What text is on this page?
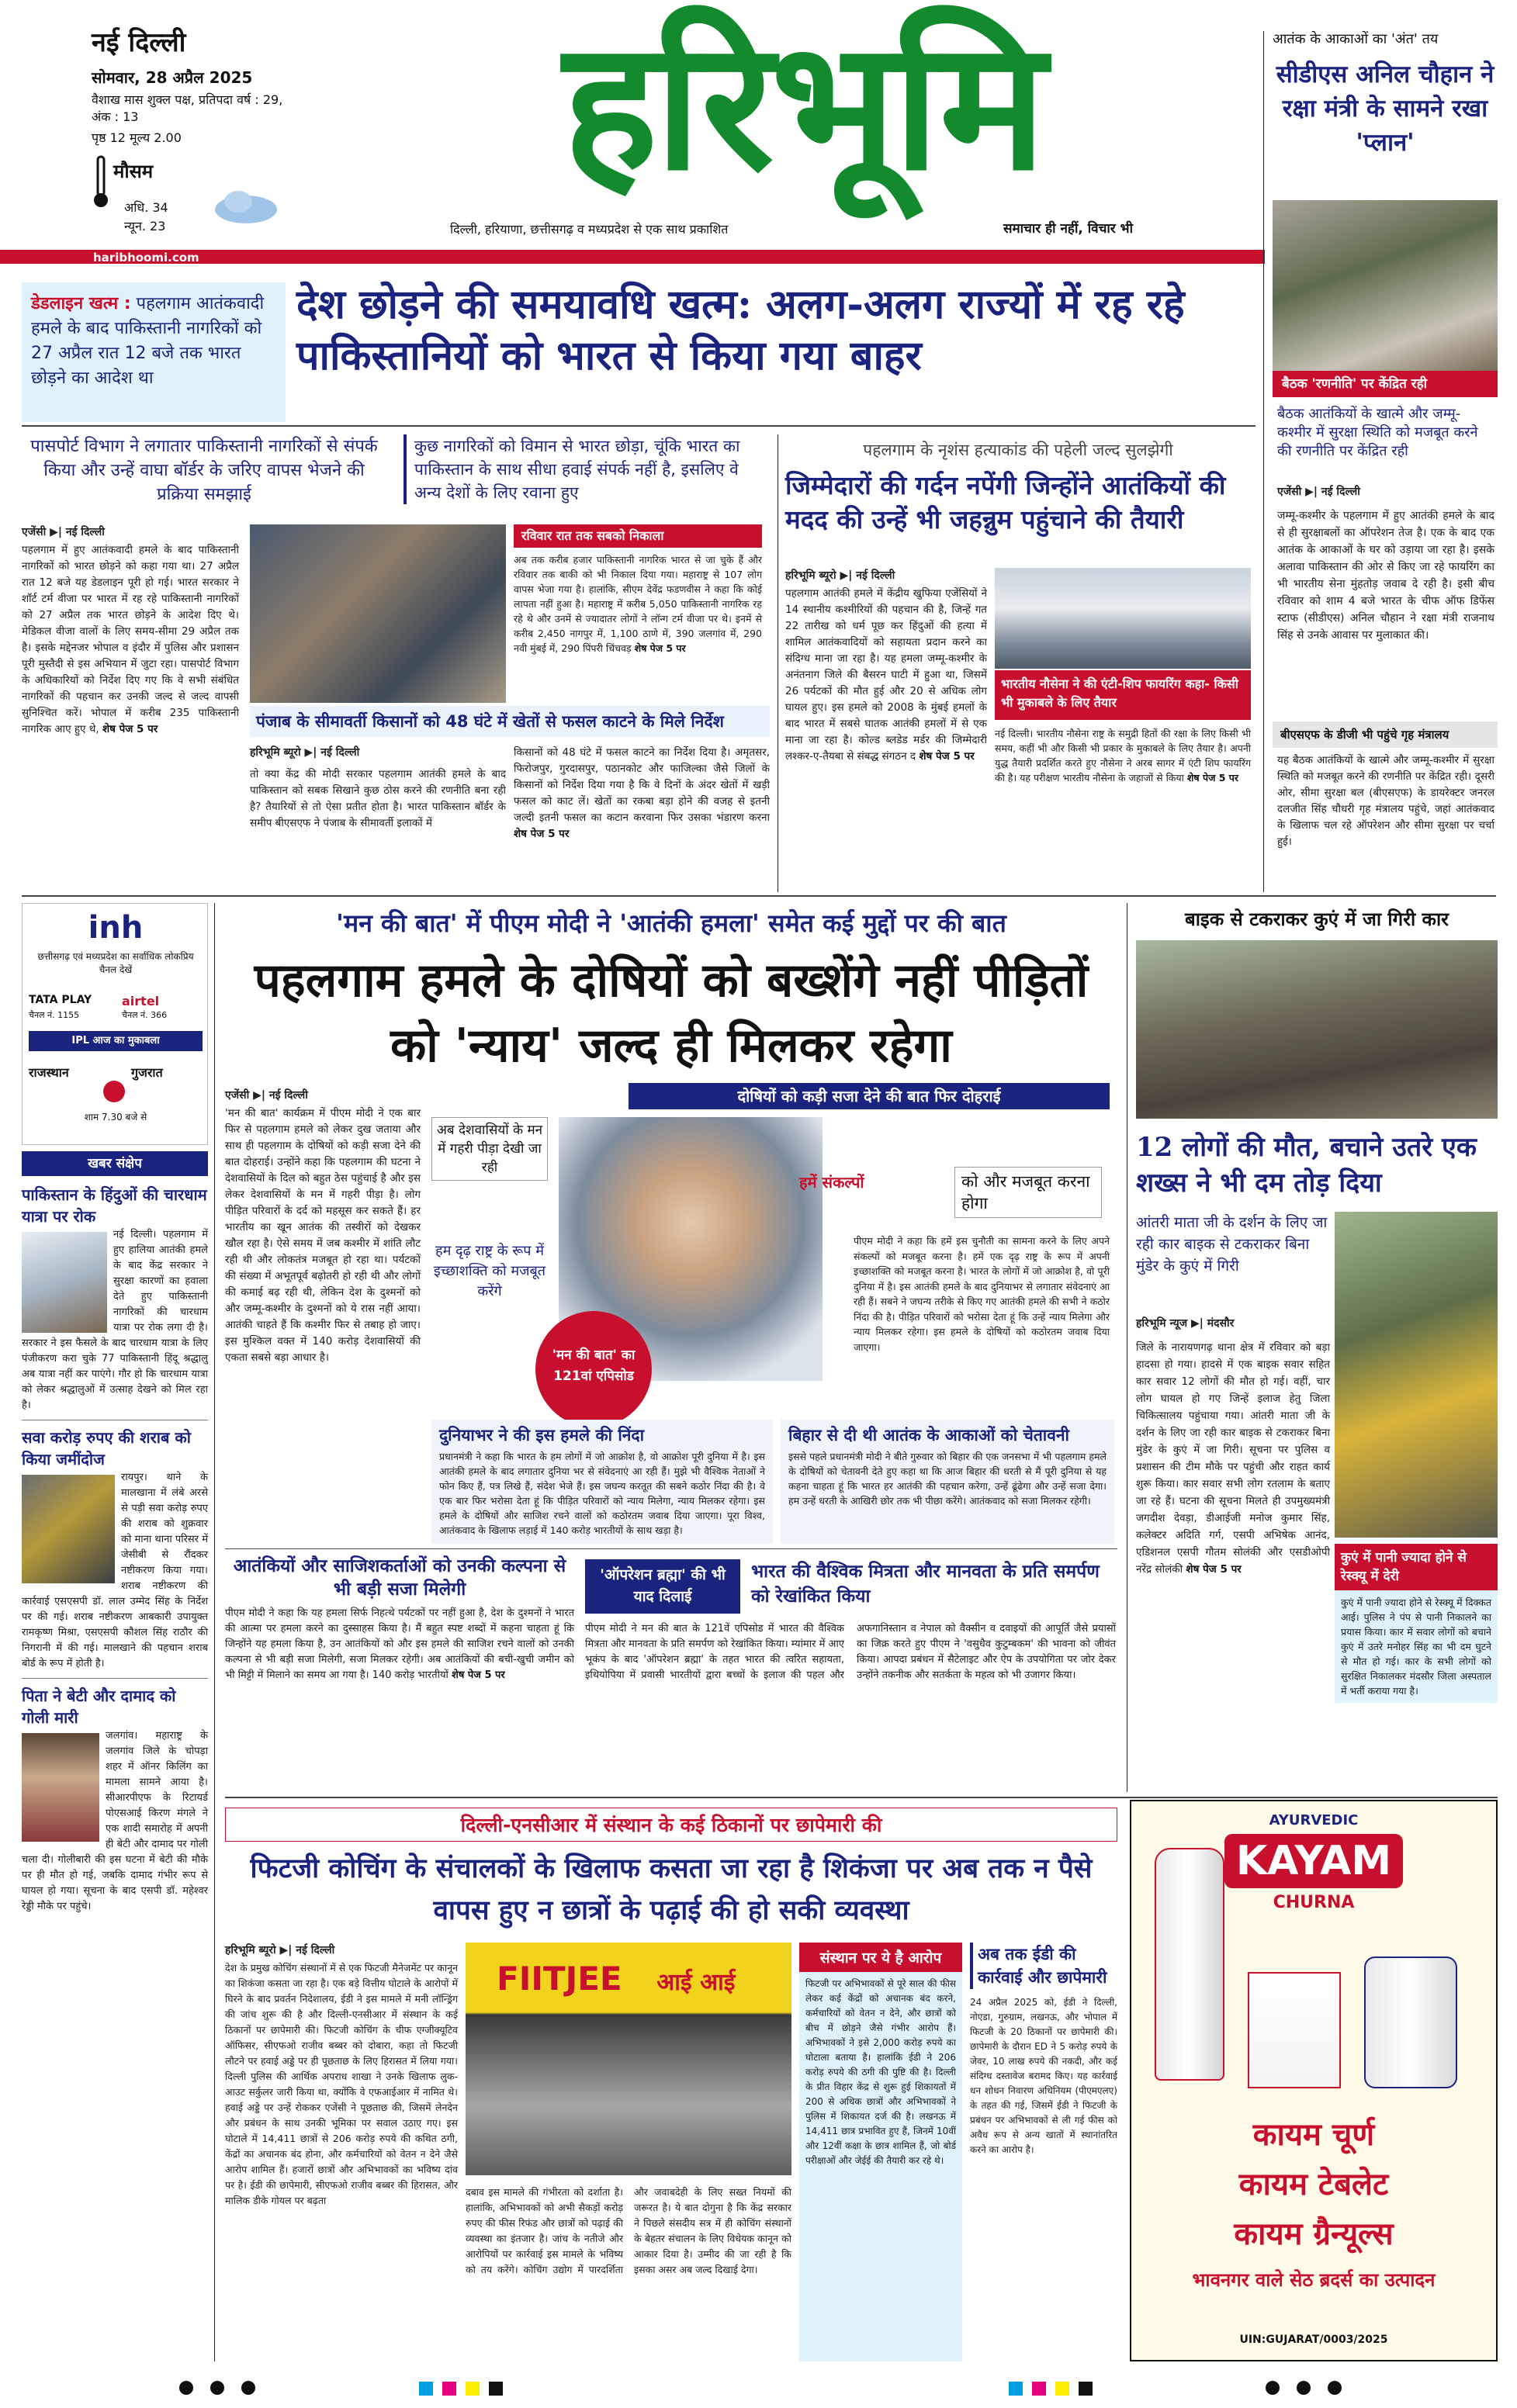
नई दिल्ली
सोमवार, 28 अप्रैल 2025
वैशाख मास शुक्ल पक्ष, प्रतिपदा वर्ष : 29, अंक : 13
पृष्ठ 12 मूल्य 2.00
मौसम
अधि. 34
न्यून. 23
हरिभूमि
दिल्ली, हरियाणा, छत्तीसगढ़ व मध्यप्रदेश से एक साथ प्रकाशित	समाचार ही नहीं, विचार भी
haribhoomi.com
आतंक के आकाओं का 'अंत' तय
सीडीएस अनिल चौहान ने रक्षा मंत्री के सामने रखा 'प्लान'
बैठक 'रणनीति' पर केंद्रित रही
बैठक आतंकियों के खात्मे और जम्मू-कश्मीर में सुरक्षा स्थिति को मजबूत करने की रणनीति पर केंद्रित रही
एजेंसी ▶| नई दिल्ली
जम्मू-कश्मीर के पहलगाम में हुए आतंकी हमले के बाद से ही सुरक्षाबलों का ऑपरेशन तेज है। एक के बाद एक आतंक के आकाओं के घर को उड़ाया जा रहा है। इसके अलावा पाकिस्तान की ओर से किए जा रहे फायरिंग का भी भारतीय सेना मुंहतोड़ जवाब दे रही है। इसी बीच रविवार को शाम 4 बजे भारत के चीफ ऑफ डिफेंस स्टाफ (सीडीएस) अनिल चौहान ने रक्षा मंत्री राजनाथ सिंह से उनके आवास पर मुलाकात की।
बीएसएफ के डीजी भी पहुंचे गृह मंत्रालय
यह बैठक आतंकियों के खात्मे और जम्मू-कश्मीर में सुरक्षा स्थिति को मजबूत करने की रणनीति पर केंद्रित रही। दूसरी ओर, सीमा सुरक्षा बल (बीएसएफ) के डायरेक्टर जनरल दलजीत सिंह चौधरी गृह मंत्रालय पहुंचे, जहां आतंकवाद के खिलाफ चल रहे ऑपरेशन और सीमा सुरक्षा पर चर्चा हुई।
डेडलाइन खत्म : पहलगाम आतंकवादी हमले के बाद पाकिस्तानी नागरिकों को 27 अप्रैल रात 12 बजे तक भारत छोड़ने का आदेश था
देश छोड़ने की समयावधि खत्म: अलग-अलग राज्यों में रह रहे पाकिस्तानियों को भारत से किया गया बाहर
पासपोर्ट विभाग ने लगातार पाकिस्तानी नागरिकों से संपर्क किया और उन्हें वाघा बॉर्डर के जरिए वापस भेजने की प्रक्रिया समझाई
कुछ नागरिकों को विमान से भारत छोड़ा, चूंकि भारत का पाकिस्तान के साथ सीधा हवाई संपर्क नहीं है, इसलिए वे अन्य देशों के लिए रवाना हुए
एजेंसी ▶| नई दिल्ली

पहलगाम में हुए आतंकवादी हमले के बाद पाकिस्तानी नागरिकों को भारत छोड़ने को कहा गया था। 27 अप्रैल रात 12 बजे यह डेडलाइन पूरी हो गई। भारत सरकार ने शॉर्ट टर्म वीजा पर भारत में रह रहे पाकिस्तानी नागरिकों को 27 अप्रैल तक भारत छोड़ने के आदेश दिए थे। मेडिकल वीजा वालों के लिए समय-सीमा 29 अप्रैल तक है। इसके मद्देनजर भोपाल व इंदौर में पुलिस और प्रशासन पूरी मुस्तैदी से इस अभियान में जुटा रहा। पासपोर्ट विभाग के अधिकारियों को निर्देश दिए गए कि वे सभी संबंधित नागरिकों की पहचान कर उनकी जल्द से जल्द वापसी सुनिश्चित करें। भोपाल में करीब 235 पाकिस्तानी नागरिक आए हुए थे, शेष पेज 5 पर

रविवार रात तक सबको निकाला
अब तक करीब हजार पाकिस्तानी नागरिक भारत से जा चुके हैं और रविवार तक बाकी को भी निकाल दिया गया। महाराष्ट्र से 107 लोग वापस भेजा गया है। हालांकि, सीएम देवेंद्र फडणवीस ने कहा कि कोई लापता नहीं हुआ है। महाराष्ट्र में करीब 5,050 पाकिस्तानी नागरिक रह रहे थे और उनमें से ज्यादातर लोगों ने लॉन्ग टर्म वीजा पर थे। इनमें से करीब 2,450 नागपुर में, 1,100 ठाणे में, 390 जलगांव में, 290 नवी मुंबई में, 290 पिंपरी चिंचवड़ शेष पेज 5 पर
पंजाब के सीमावर्ती किसानों को 48 घंटे में खेतों से फसल काटने के मिले निर्देश
हरिभूमि ब्यूरो ▶| नई दिल्ली
तो क्या केंद्र की मोदी सरकार पहलगाम आतंकी हमले के बाद पाकिस्तान को सबक सिखाने कुछ ठोस करने की रणनीति बना रही है? तैयारियों से तो ऐसा प्रतीत होता है। भारत पाकिस्तान बॉर्डर के समीप बीएसएफ ने पंजाब के सीमावर्ती इलाकों में
किसानों को 48 घंटे में फसल काटने का निर्देश दिया है। अमृतसर, फिरोजपुर, गुरदासपुर, पठानकोट और फाजिल्का जैसे जिलों के किसानों को निर्देश दिया गया है कि वे दिनों के अंदर खेतों में खड़ी फसल को काट लें। खेतों का रकबा बड़ा होने की वजह से इतनी जल्दी इतनी फसल का कटान करवाना फिर उसका भंडारण करना शेष पेज 5 पर
पहलगाम के नृशंस हत्याकांड की पहेली जल्द सुलझेगी
जिम्मेदारों की गर्दन नपेंगी जिन्होंने आतंकियों की मदद की उन्हें भी जहन्नुम पहुंचाने की तैयारी
हरिभूमि ब्यूरो ▶| नई दिल्ली

पहलगाम आतंकी हमले में केंद्रीय खुफिया एजेंसियों ने 14 स्थानीय कश्मीरियों की पहचान की है, जिन्हें गत 22 तारीख को धर्म पूछ कर हिंदुओं की हत्या में शामिल आतंकवादियों को सहायता प्रदान करने का संदिग्ध माना जा रहा है। यह हमला जम्मू-कश्मीर के अनंतनाग जिले की बैसरन घाटी में हुआ था, जिसमें 26 पर्यटकों की मौत हुई और 20 से अधिक लोग घायल हुए। इस हमले को 2008 के मुंबई हमलों के बाद भारत में सबसे घातक आतंकी हमलों में से एक माना जा रहा है। कोल्ड ब्लडेड मर्डर की जिम्मेदारी लश्कर-ए-तैयबा से संबद्ध संगठन द शेष पेज 5 पर

भारतीय नौसेना ने की एंटी-शिप फायरिंग कहा- किसी भी मुकाबले के लिए तैयार
नई दिल्ली। भारतीय नौसेना राष्ट्र के समुद्री हितों की रक्षा के लिए किसी भी समय, कहीं भी और किसी भी प्रकार के मुकाबले के लिए तैयार है। अपनी युद्ध तैयारी प्रदर्शित करते हुए नौसेना ने अरब सागर में एंटी शिप फायरिंग की है। यह परीक्षण भारतीय नौसेना के जहाजों से किया शेष पेज 5 पर
inh
छत्तीसगढ़ एवं मध्यप्रदेश का सर्वाधिक लोकप्रिय चैनल देखें
TATA PLAY
चैनल नं. 1155
airtel
चैनल नं. 366
IPL आज का मुकाबला
राजस्थान	गुजरात
शाम 7.30 बजे से
खबर संक्षेप
पाकिस्तान के हिंदुओं की चारधाम यात्रा पर रोक

नई दिल्ली। पहलगाम में हुए हालिया आतंकी हमले के बाद केंद्र सरकार ने सुरक्षा कारणों का हवाला देते हुए पाकिस्तानी नागरिकों की चारधाम यात्रा पर रोक लगा दी है। सरकार ने इस फैसले के बाद चारधाम यात्रा के लिए पंजीकरण करा चुके 77 पाकिस्तानी हिंदू श्रद्धालु अब यात्रा नहीं कर पाएंगे। गौर हो कि चारधाम यात्रा को लेकर श्रद्धालुओं में उत्साह देखने को मिल रहा है।

सवा करोड़ रुपए की शराब को किया जमींदोज

रायपुर। थाने के मालखाना में लंबे अरसे से पड़ी सवा करोड़ रुपए की शराब को शुक्रवार को माना थाना परिसर में जेसीबी से रौंदकर नष्टीकरण किया गया। शराब नष्टीकरण की कार्रवाई एसएसपी डॉ. लाल उम्मेद सिंह के निर्देश पर की गई। शराब नष्टीकरण आबकारी उपायुक्त रामकृष्ण मिश्रा, एसएसपी कौशल सिंह राठौर की निगरानी में की गई। मालखाने की पहचान शराब बोर्ड के रूप में होती है।

पिता ने बेटी और दामाद को गोली मारी

जलगांव। महाराष्ट्र के जलगांव जिले के चोपड़ा शहर में ऑनर किलिंग का मामला सामने आया है। सीआरपीएफ के रिटायर्ड पोएसआई किरण मंगले ने एक शादी समारोह में अपनी ही बेटी और दामाद पर गोली चला दी। गोलीबारी की इस घटना में बेटी की मौके पर ही मौत हो गई, जबकि दामाद गंभीर रूप से घायल हो गया। सूचना के बाद एसपी डॉ. महेश्वर रेड्डी मौके पर पहुंचे।

'मन की बात' में पीएम मोदी ने 'आतंकी हमला' समेत कई मुद्दों पर की बात
पहलगाम हमले के दोषियों को बख्शेंगे नहीं पीड़ितों को 'न्याय' जल्द ही मिलकर रहेगा
दोषियों को कड़ी सजा देने की बात फिर दोहराई
एजेंसी ▶| नई दिल्ली

'मन की बात' कार्यक्रम में पीएम मोदी ने एक बार फिर से पहलगाम हमले को लेकर दुख जताया और साथ ही पहलगाम के दोषियों को कड़ी सजा देने की बात दोहराई। उन्होंने कहा कि पहलगाम की घटना ने देशवासियों के दिल को बहुत ठेस पहुंचाई है और इस लेकर देशवासियों के मन में गहरी पीड़ा है। लोग पीड़ित परिवारों के दर्द को महसूस कर सकते हैं। हर भारतीय का खून आतंक की तस्वीरों को देखकर खौल रहा है। ऐसे समय में जब कश्मीर में शांति लौट रही थी और लोकतंत्र मजबूत हो रहा था। पर्यटकों की संख्या में अभूतपूर्व बढ़ोतरी हो रही थी और लोगों की कमाई बढ़ रही थी, लेकिन देश के दुश्मनों को और जम्मू-कश्मीर के दुश्मनों को ये रास नहीं आया। आतंकी चाहते हैं कि कश्मीर फिर से तबाह हो जाए। इस मुश्किल वक्त में 140 करोड़ देशवासियों की एकता सबसे बड़ा आधार है।

अब देशवासियों के मन में गहरी पीड़ा देखी जा रही
हम दृढ़ राष्ट्र के रूप में इच्छाशक्ति को मजबूत करेंगे
'मन की बात' का
121वां एपिसोड
हमें संकल्पों	को और मजबूत करना होगा
पीएम मोदी ने कहा कि हमें इस चुनौती का सामना करने के लिए अपने संकल्पों को मजबूत करना है। हमें एक दृढ़ राष्ट्र के रूप में अपनी इच्छाशक्ति को मजबूत करना है। भारत के लोगों में जो आक्रोश है, वो पूरी दुनिया में है। इस आतंकी हमले के बाद दुनियाभर से लगातार संवेदनाएं आ रही हैं। सबने ने जघन्य तरीके से किए गए आतंकी हमले की सभी ने कठोर निंदा की है। पीड़ित परिवारों को भरोसा देता हूं कि उन्हें न्याय मिलेगा और न्याय मिलकर रहेगा। इस हमले के दोषियों को कठोरतम जवाब दिया जाएगा।
दुनियाभर ने की इस हमले की निंदा

प्रधानमंत्री ने कहा कि भारत के हम लोगों में जो आक्रोश है, वो आक्रोश पूरी दुनिया में है। इस आतंकी हमले के बाद लगातार दुनिया भर से संवेदनाएं आ रही हैं। मुझे भी वैश्विक नेताओं ने फोन किए हैं, पत्र लिखे हैं, संदेश भेजे हैं। इस जघन्य करतूत की सबने कठोर निंदा की है। वे एक बार फिर भरोसा देता हूं कि पीड़ित परिवारों को न्याय मिलेगा, न्याय मिलकर रहेगा। इस हमले के दोषियों और साजिश रचने वालों को कठोरतम जवाब दिया जाएगा। पूरा विश्व, आतंकवाद के खिलाफ लड़ाई में 140 करोड़ भारतीयों के साथ खड़ा है।

बिहार से दी थी आतंक के आकाओं को चेतावनी

इससे पहले प्रधानमंत्री मोदी ने बीते गुरुवार को बिहार की एक जनसभा में भी पहलगाम हमले के दोषियों को चेतावनी देते हुए कहा था कि आज बिहार की धरती से मैं पूरी दुनिया से यह कहना चाहता हूं कि भारत हर आतंकी की पहचान करेगा, उन्हें ढूंढेगा और उन्हें सजा देगा। हम उन्हें धरती के आखिरी छोर तक भी पीछा करेंगे। आतंकवाद को सजा मिलकर रहेगी।

आतंकियों और साजिशकर्ताओं को उनकी कल्पना से भी बड़ी सजा मिलेगी

पीएम मोदी ने कहा कि यह हमला सिर्फ निहत्थे पर्यटकों पर नहीं हुआ है, देश के दुश्मनों ने भारत की आत्मा पर हमला करने का दुस्साहस किया है। मैं बहुत स्पष्ट शब्दों में कहना चाहता हूं कि जिन्होंने यह हमला किया है, उन आतंकियों को और इस हमले की साजिश रचने वालों को उनकी कल्पना से भी बड़ी सजा मिलेगी, सजा मिलकर रहेगी। अब आतंकियों की बची-खुची जमीन को भी मिट्टी में मिलाने का समय आ गया है। 140 करोड़ भारतीयों शेष पेज 5 पर

'ऑपरेशन ब्रह्मा' की भी याद दिलाई
भारत की वैश्विक मित्रता और मानवता के प्रति समर्पण को रेखांकित किया
पीएम मोदी ने मन की बात के 121वें एपिसोड में भारत की वैश्विक मित्रता और मानवता के प्रति समर्पण को रेखांकित किया। म्यांमार में आए भूकंप के बाद 'ऑपरेशन ब्रह्मा' के तहत भारत की त्वरित सहायता, इथियोपिया में प्रवासी भारतीयों द्वारा बच्चों के इलाज की पहल और अफगानिस्तान व नेपाल को वैक्सीन व दवाइयों की आपूर्ति जैसे प्रयासों का जिक्र करते हुए पीएम ने 'वसुधैव कुटुम्बकम' की भावना को जीवंत किया। आपदा प्रबंधन में सैटेलाइट और ऐप के उपयोगिता पर जोर देकर उन्होंने तकनीक और सतर्कता के महत्व को भी उजागर किया।
बाइक से टकराकर कुएं में जा गिरी कार
12 लोगों की मौत, बचाने उतरे एक शख्स ने भी दम तोड़ दिया
आंतरी माता जी के दर्शन के लिए जा रही कार बाइक से टकराकर बिना मुंडेर के कुएं में गिरी
हरिभूमि न्यूज ▶| मंदसौर
जिले के नारायणगढ़ थाना क्षेत्र में रविवार को बड़ा हादसा हो गया। हादसे में एक बाइक सवार सहित कार सवार 12 लोगों की मौत हो गई। वहीं, चार लोग घायल हो गए जिन्हें इलाज हेतु जिला चिकित्सालय पहुंचाया गया। आंतरी माता जी के दर्शन के लिए जा रही कार बाइक से टकराकर बिना मुंडेर के कुएं में जा गिरी। सूचना पर पुलिस व प्रशासन की टीम मौके पर पहुंची और राहत कार्य शुरू किया। कार सवार सभी लोग रतलाम के बताए जा रहे हैं। घटना की सूचना मिलते ही उपमुख्यमंत्री जगदीश देवड़ा, डीआईजी मनोज कुमार सिंह, कलेक्टर अदिति गर्ग, एसपी अभिषेक आनंद, एडिशनल एसपी गौतम सोलंकी और एसडीओपी नरेंद्र सोलंकी शेष पेज 5 पर
कुएं में पानी ज्यादा होने से रेस्क्यू में देरी

कुएं में पानी ज्यादा होने से रेस्क्यू में दिक्कत आई। पुलिस ने पंप से पानी निकालने का प्रयास किया। कार में सवार लोगों को बचाने कुएं में उतरे मनोहर सिंह का भी दम घुटने से मौत हो गई। कार के सभी लोगों को सुरक्षित निकालकर मंदसौर जिला अस्पताल में भर्ती कराया गया है।

दिल्ली-एनसीआर में संस्थान के कई ठिकानों पर छापेमारी की
फिटजी कोचिंग के संचालकों के खिलाफ कसता जा रहा है शिकंजा पर अब तक न पैसे वापस हुए न छात्रों के पढ़ाई की हो सकी व्यवस्था
हरिभूमि ब्यूरो ▶| नई दिल्ली

देश के प्रमुख कोचिंग संस्थानों में से एक फिटजी मैनेजमेंट पर कानून का शिकंजा कसता जा रहा है। एक बड़े वित्तीय घोटाले के आरोपों में घिरने के बाद प्रवर्तन निदेशालय, ईडी ने इस मामले में मनी लॉन्ड्रिंग की जांच शुरू की है और दिल्ली-एनसीआर में संस्थान के कई ठिकानों पर छापेमारी की। फिटजी कोचिंग के चीफ एग्जीक्यूटिव ऑफिसर, सीएफओ राजीव बब्बर को दोबारा, कहा तो फिटजी लौटने पर हवाई अड्डे पर ही पूछताछ के लिए हिरासत में लिया गया। दिल्ली पुलिस की आर्थिक अपराध शाखा ने उनके खिलाफ लुक-आउट सर्कुलर जारी किया था, क्योंकि वे एफआईआर में नामित थे। हवाई अड्डे पर उन्हें रोककर एजेंसी ने पूछताछ की, जिसमें लेनदेन और प्रबंधन के साथ उनकी भूमिका पर सवाल उठाए गए। इस घोटाले में 14,411 छात्रों से 206 करोड़ रुपये की कथित ठगी, केंद्रों का अचानक बंद होना, और कर्मचारियों को वेतन न देने जैसे आरोप शामिल हैं। हजारों छात्रों और अभिभावकों का भविष्य दांव पर है। ईडी की छापेमारी, सीएफओ राजीव बब्बर की हिरासत, और मालिक डीके गोयल पर बढ़ता

FIITJEE आई आई
दबाव इस मामले की गंभीरता को दर्शाता है। हालांकि, अभिभावकों को अभी सैकड़ों करोड़ रुपए की फीस रिफंड और छात्रों को पढ़ाई की व्यवस्था का इंतजार है। जांच के नतीजे और आरोपियों पर कार्रवाई इस मामले के भविष्य को तय करेंगे। कोचिंग उद्योग में पारदर्शिता और जवाबदेही के लिए सख्त नियमों की जरूरत है। ये बात दोगुना है कि केंद्र सरकार ने पिछले संसदीय सत्र में ही कोचिंग संस्थानों के बेहतर संचालन के लिए विधेयक कानून को आकार दिया है। उम्मीद की जा रही है कि इसका असर अब जल्द दिखाई देगा।
संस्थान पर ये है आरोप

फिटजी पर अभिभावकों से पूरे साल की फीस लेकर कई केंद्रों को अचानक बंद करने, कर्मचारियों को वेतन न देने, और छात्रों को बीच में छोड़ने जैसे गंभीर आरोप हैं। अभिभावकों ने इसे 2,000 करोड़ रुपये का घोटाला बताया है। हालांकि ईडी ने 206 करोड़ रुपये की ठगी की पुष्टि की है। दिल्ली के प्रीत विहार केंद्र से शुरू हुई शिकायतों में 200 से अधिक छात्रों और अभिभावकों ने पुलिस में शिकायत दर्ज की है। लखनऊ में 14,411 छात्र प्रभावित हुए हैं, जिनमें 10वीं और 12वीं कक्षा के छात्र शामिल हैं, जो बोर्ड परीक्षाओं और जेईई की तैयारी कर रहे थे।

अब तक ईडी की कार्रवाई और छापेमारी

24 अप्रैल 2025 को, ईडी ने दिल्ली, नोएडा, गुरुग्राम, लखनऊ, और भोपाल में फिटजी के 20 ठिकानों पर छापेमारी की। छापेमारी के दौरान ED ने 5 करोड़ रुपये के जेवर, 10 लाख रुपये की नकदी, और कई संदिग्ध दस्तावेज बरामद किए। यह कार्रवाई धन शोधन निवारण अधिनियम (पीएमएलए) के तहत की गई, जिसमें ईडी ने फिटजी के प्रबंधन पर अभिभावकों से ली गई फीस को अवैध रूप से अन्य खातों में स्थानांतरित करने का आरोप है।

AYURVEDIC
KAYAM
CHURNA
कायम चूर्ण
कायम टेबलेट
कायम ग्रैन्यूल्स
भावनगर वाले सेठ ब्रदर्स का उत्पादन
UIN:GUJARAT/0003/2025
